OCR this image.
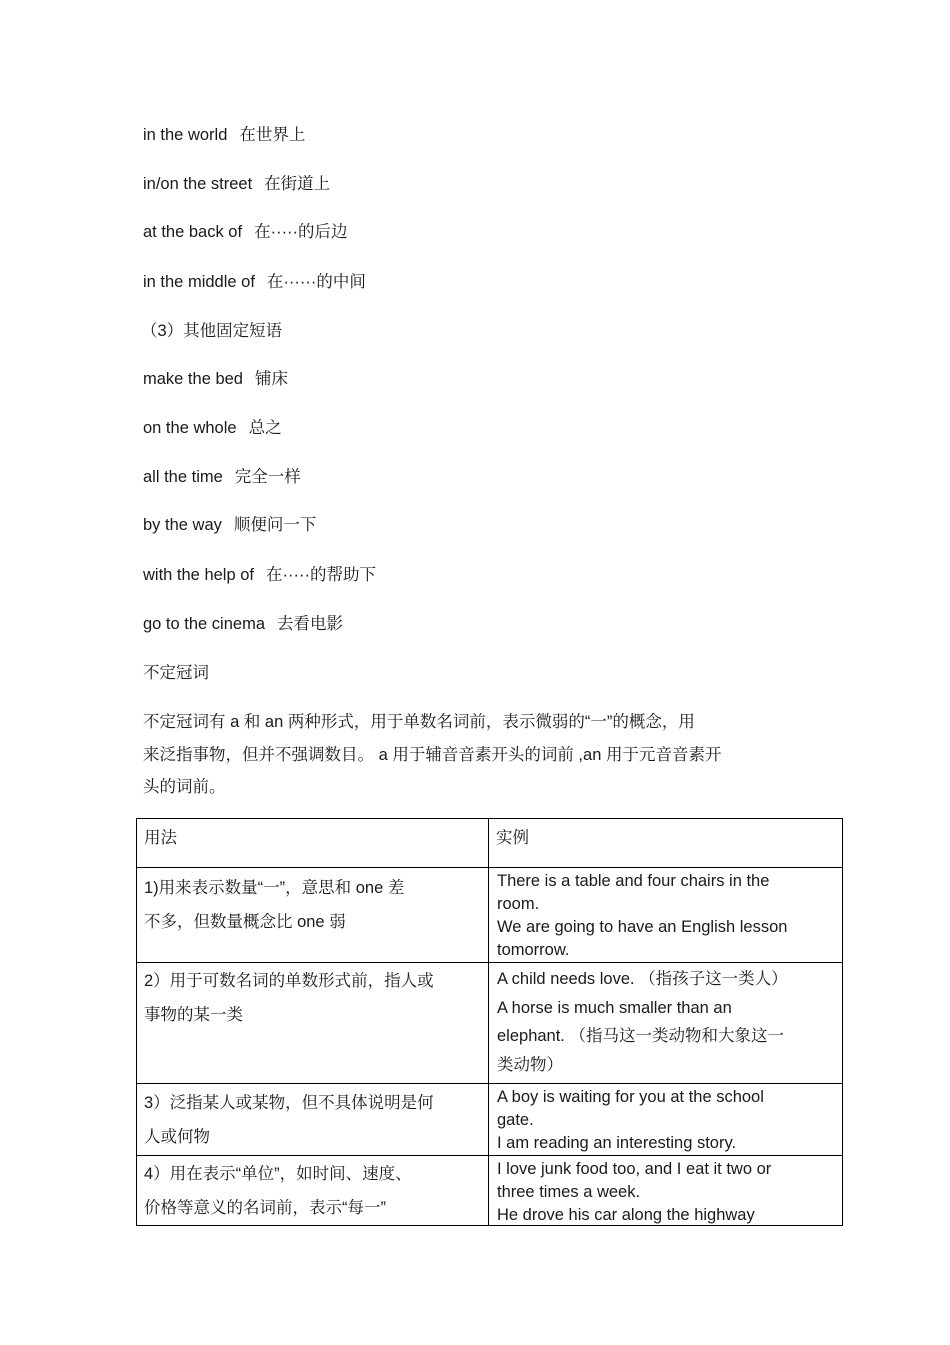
in the world 在世界上
in/on the street 在街道上
at the back of 在·····的后边
in the middle of 在······的中间
（3）其他固定短语
make the bed 铺床
on the whole 总之
all the time 完全一样
by the way 顺便问一下
with the help of 在·····的帮助下
go to the cinema 去看电影
不定冠词
不定冠词有 a 和 an 两种形式，用于单数名词前，表示微弱的“一”的概念，用
来泛指事物，但并不强调数目。 a 用于辅音音素开头的词前 ,an 用于元音音素开
头的词前。
用法	实例

1)用来表示数量“一”，意思和 one 差
不多，但数量概念比 one 弱	There is a table and four chairs in the
room.
We are going to have an English lesson
tomorrow.

2）用于可数名词的单数形式前，指人或
事物的某一类	A child needs love. （指孩子这一类人）
A horse is much smaller than an
elephant. （指马这一类动物和大象这一
类动物）

3）泛指某人或某物，但不具体说明是何
人或何物	A boy is waiting for you at the school
gate.
I am reading an interesting story.

4）用在表示“单位”，如时间、速度、
价格等意义的名词前，表示“每一”	I love junk food too, and I eat it two or
three times a week.
He drove his car along the highway
